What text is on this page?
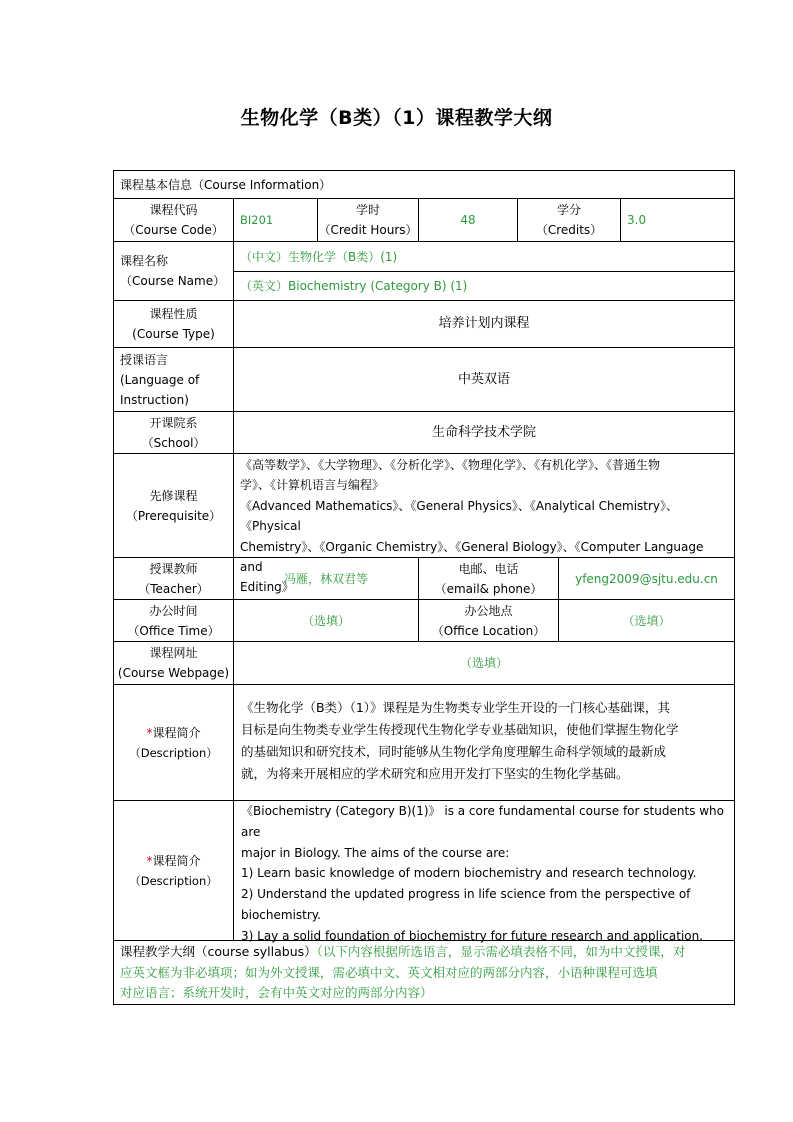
生物化学（B类）（1）课程教学大纲
课程基本信息（Course Information）
课程代码
（Course Code）
BI201
学时
（Credit Hours）
48
学分
（Credits）
3.0
课程名称
（Course Name）
（中文）生物化学（B类）(1)
（英文）Biochemistry (Category B) (1)
课程性质
(Course Type)
培养计划内课程
授课语言
(Language of
Instruction)
中英双语
开课院系
（School）
生命科学技术学院
先修课程
（Prerequisite）
《高等数学》、《大学物理》、《分析化学》、《物理化学》、《有机化学》、《普通生物
学》、《计算机语言与编程》
《Advanced Mathematics》、《General Physics》、《Analytical Chemistry》、《Physical
Chemistry》、《Organic Chemistry》、《General Biology》、《Computer Language and
Editing》
授课教师
（Teacher）
冯雁，林双君等
电邮、电话
（email& phone）
yfeng2009@sjtu.edu.cn
办公时间
（Office Time）
（选填）
办公地点
（Office Location）
（选填）
课程网址
(Course Webpage)
（选填）
*课程简介
（Description）
《生物化学（B类）（1）》课程是为生物类专业学生开设的一门核心基础课，其
目标是向生物类专业学生传授现代生物化学专业基础知识，使他们掌握生物化学
的基础知识和研究技术，同时能够从生物化学角度理解生命科学领域的最新成
就，为将来开展相应的学术研究和应用开发打下坚实的生物化学基础。
*课程简介
（Description）
《Biochemistry (Category B)(1)》 is a core fundamental course for students who are
major in Biology. The aims of the course are:
1) Learn basic knowledge of modern biochemistry and research technology.
2) Understand the updated progress in life science from the perspective of
biochemistry.
3) Lay a solid foundation of biochemistry for future research and application.
课程教学大纲（course syllabus）（以下内容根据所选语言，显示需必填表格不同，如为中文授课，对
应英文框为非必填项；如为外文授课，需必填中文、英文相对应的两部分内容，小语种课程可选填
对应语言；系统开发时，会有中英文对应的两部分内容）
